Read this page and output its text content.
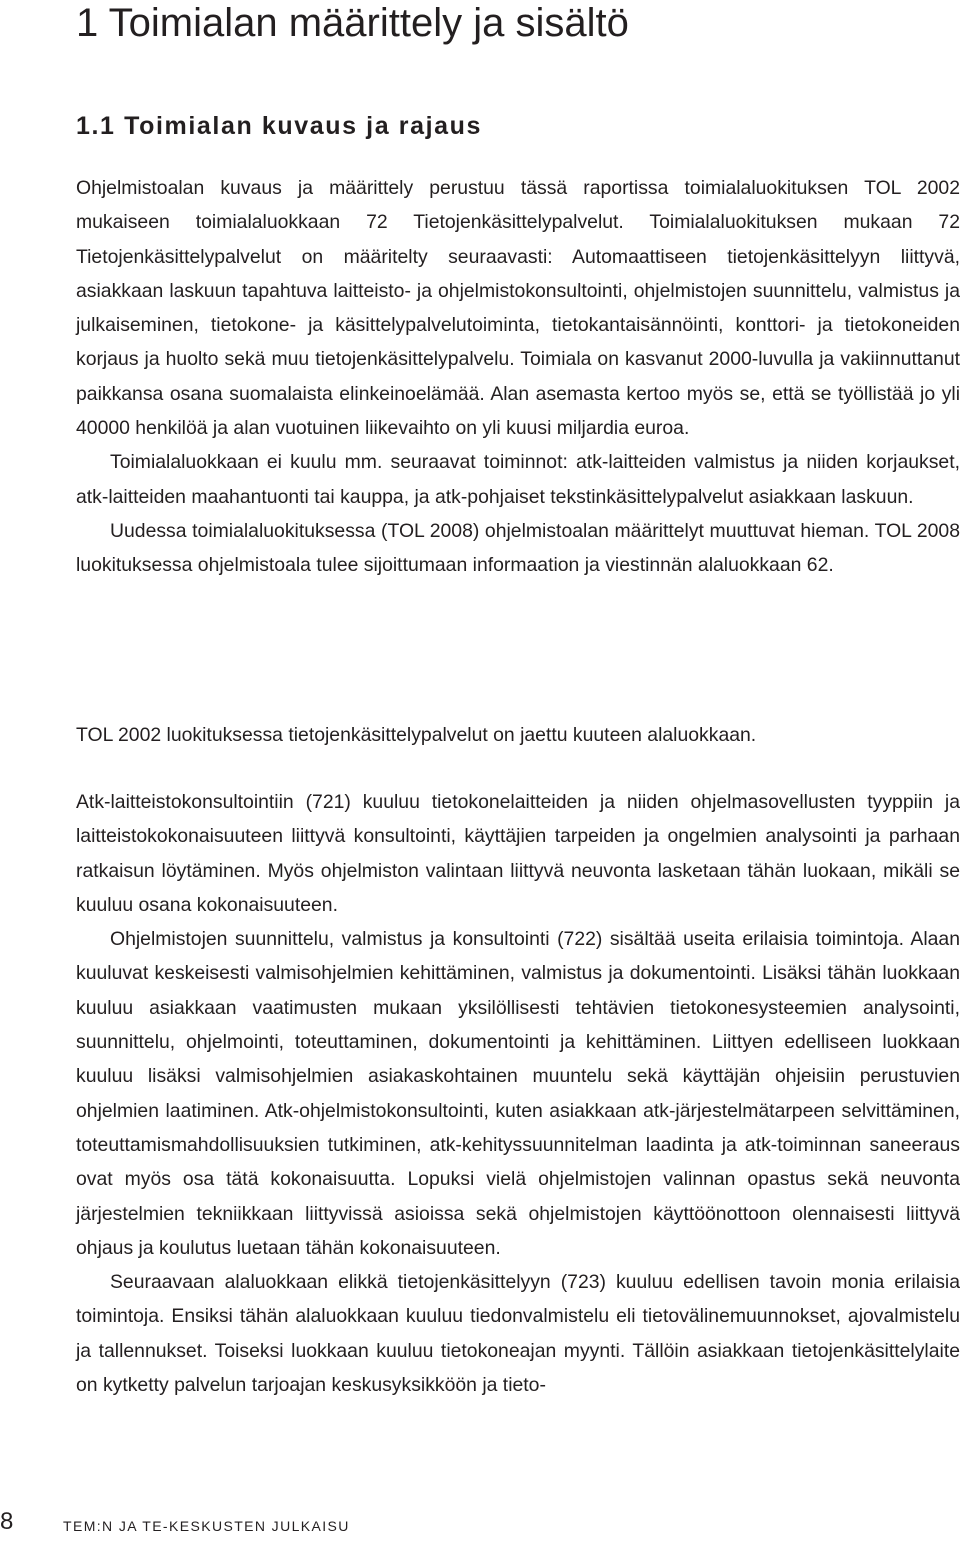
1 Toimialan määrittely ja sisältö
1.1 Toimialan kuvaus ja rajaus

Ohjelmistoalan kuvaus ja määrittely perustuu tässä raportissa toimialaluokituksen TOL 2002 mukaiseen toimialaluokkaan 72 Tietojenkäsittelypalvelut. Toimialaluokituksen mukaan 72 Tietojenkäsittelypalvelut on määritelty seuraavasti: Automaattiseen tietojenkäsittelyyn liittyvä, asiakkaan laskuun tapahtuva laitteisto- ja ohjelmistokonsultointi, ohjelmistojen suunnittelu, valmistus ja julkaiseminen, tietokone- ja käsittelypalvelutoiminta, tietokantaisännöinti, konttori- ja tietokoneiden korjaus ja huolto sekä muu tietojenkäsittelypalvelu. Toimiala on kasvanut 2000-luvulla ja vakiinnuttanut paikkansa osana suomalaista elinkeinoelämää. Alan asemasta kertoo myös se, että se työllistää jo yli 40000 henkilöä ja alan vuotuinen liikevaihto on yli kuusi miljardia euroa.

Toimialaluokkaan ei kuulu mm. seuraavat toiminnot: atk-laitteiden valmistus ja niiden korjaukset, atk-laitteiden maahantuonti tai kauppa, ja atk-pohjaiset tekstinkäsittelypalvelut asiakkaan laskuun.

Uudessa toimialaluokituksessa (TOL 2008) ohjelmistoalan määrittelyt muuttuvat hieman. TOL 2008 luokituksessa ohjelmistoala tulee sijoittumaan informaation ja viestinnän alaluokkaan 62.

TOL 2002 luokituksessa tietojenkäsittelypalvelut on jaettu kuuteen alaluokkaan.

Atk-laitteistokonsultointiin (721) kuuluu tietokonelaitteiden ja niiden ohjelmasovellusten tyyppiin ja laitteistokokonaisuuteen liittyvä konsultointi, käyttäjien tarpeiden ja ongelmien analysointi ja parhaan ratkaisun löytäminen. Myös ohjelmiston valintaan liittyvä neuvonta lasketaan tähän luokaan, mikäli se kuuluu osana kokonaisuuteen.

Ohjelmistojen suunnittelu, valmistus ja konsultointi (722) sisältää useita erilaisia toimintoja. Alaan kuuluvat keskeisesti valmisohjelmien kehittäminen, valmistus ja dokumentointi. Lisäksi tähän luokkaan kuuluu asiakkaan vaatimusten mukaan yksilöllisesti tehtävien tietokonesysteemien analysointi, suunnittelu, ohjelmointi, toteuttaminen, dokumentointi ja kehittäminen. Liittyen edelliseen luokkaan kuuluu lisäksi valmisohjelmien asiakaskohtainen muuntelu sekä käyttäjän ohjeisiin perustuvien ohjelmien laatiminen. Atk-ohjelmistokonsultointi, kuten asiakkaan atk-järjestelmätarpeen selvittäminen, toteuttamismahdollisuuksien tutkiminen, atk-kehityssuunnitelman laadinta ja atk-toiminnan saneeraus ovat myös osa tätä kokonaisuutta. Lopuksi vielä ohjelmistojen valinnan opastus sekä neuvonta järjestelmien tekniikkaan liittyvissä asioissa sekä ohjelmistojen käyttöönottoon olennaisesti liittyvä ohjaus ja koulutus luetaan tähän kokonaisuuteen.

Seuraavaan alaluokkaan elikkä tietojenkäsittelyyn (723) kuuluu edellisen tavoin monia erilaisia toimintoja. Ensiksi tähän alaluokkaan kuuluu tiedonvalmistelu eli tietovälinemuunnokset, ajovalmistelu ja tallennukset. Toiseksi luokkaan kuuluu tietokoneajan myynti. Tällöin asiakkaan tietojenkäsittelylaite on kytketty palvelun tarjoajan keskusyksikköön ja tieto-

8	TEM:N JA TE-KESKUSTEN JULKAISU
